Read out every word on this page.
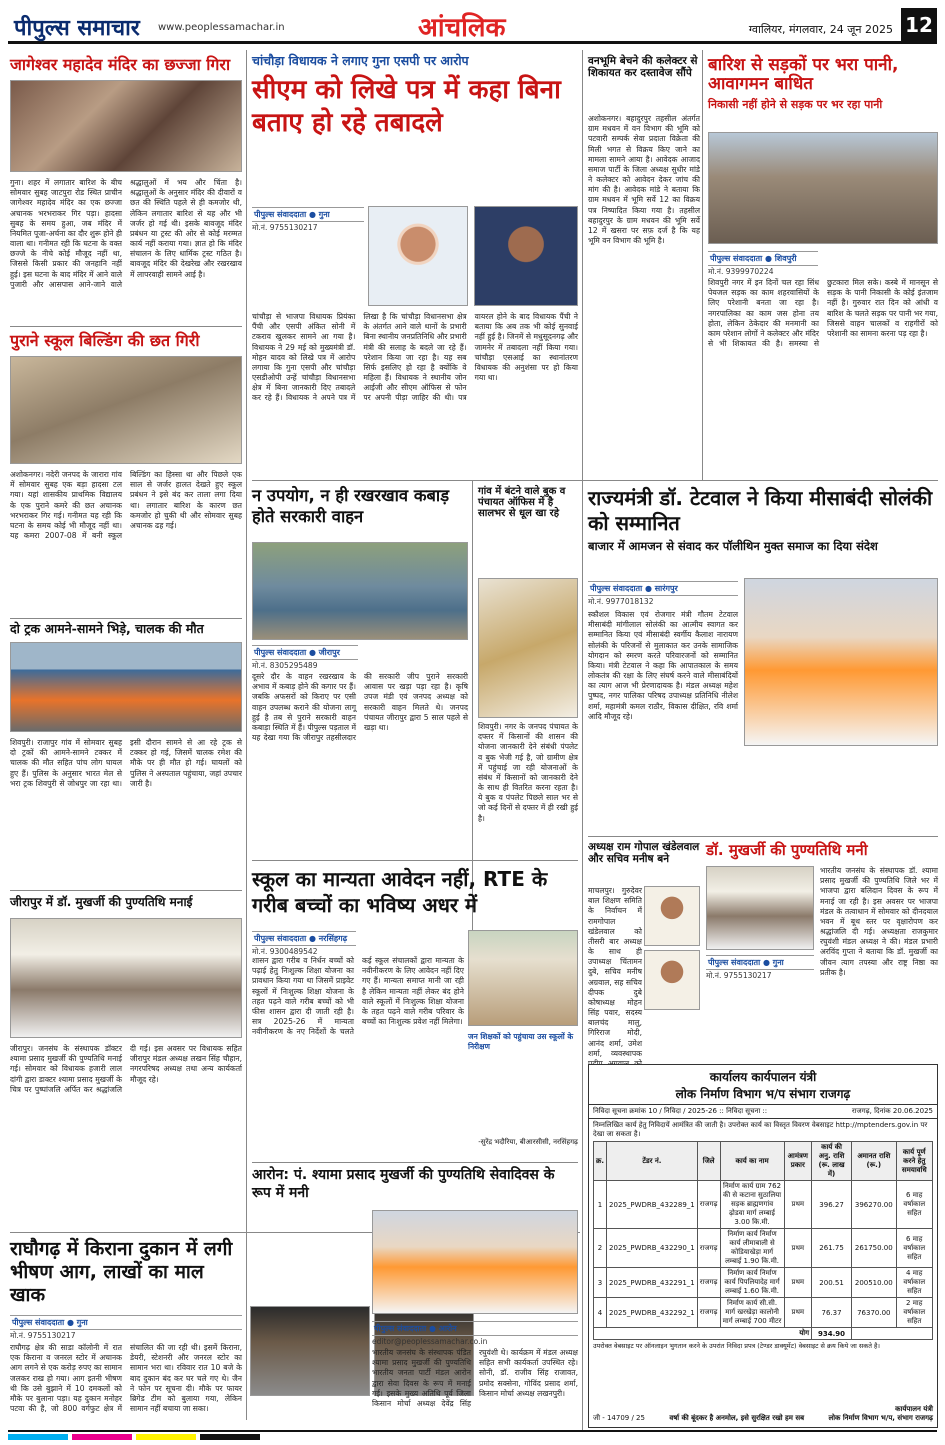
पीपुल्स समाचार www.peoplessamachar.in	आंचलिक	ग्वालियर, मंगलवार, 24 जून 2025 12
जागेश्वर महादेव मंदिर का छज्जा गिरा
गुना। शहर में लगातार बारिश के बीच सोमवार सुबह जाटपुरा रोड स्थित प्राचीन जागेश्वर महादेव मंदिर का एक छज्जा अचानक भरभराकर गिर पड़ा। हादसा सुबह के समय हुआ, जब मंदिर में नियमित पूजा-अर्चना का दौर शुरू होने ही वाला था। गनीमत रही कि घटना के वक्त छज्जे के नीचे कोई मौजूद नहीं था, जिससे किसी प्रकार की जनहानि नहीं हुई। इस घटना के बाद मंदिर में आने वाले पुजारी और आसपास आने-जाने वाले श्रद्धालुओं में भय और चिंता है। श्रद्धालुओं के अनुसार मंदिर की दीवारों व छत की स्थिति पहले से ही कमजोर थी, लेकिन लगातार बारिश से यह और भी जर्जर हो गई थी। इसके बावजूद मंदिर प्रबंधन या ट्रस्ट की ओर से कोई मरम्मत कार्य नहीं कराया गया। ज्ञात हो कि मंदिर संचालन के लिए धार्मिक ट्रस्ट गठित है। बावजूद मंदिर की देखरेख और रखरखाव में लापरवाही सामने आई है।
पुराने स्कूल बिल्डिंग की छत गिरी
अशोकनगर। नदेरी जनपद के जारारा गांव में सोमवार सुबह एक बड़ा हादसा टल गया। यहां शासकीय प्राथमिक विद्यालय के एक पुराने कमरे की छत अचानक भरभराकर गिर गई। गनीमत यह रही कि घटना के समय कोई भी मौजूद नहीं था। यह कमरा 2007-08 में बनी स्कूल बिल्डिंग का हिस्सा था और पिछले एक साल से जर्जर हालत देखते हुए स्कूल प्रबंधन ने इसे बंद कर ताला लगा दिया था। लगातार बारिश के कारण छत कमजोर हो चुकी थी और सोमवार सुबह अचानक ढह गई।
दो ट्रक आमने-सामने भिड़े, चालक की मौत
शिवपुरी। राजापुर गांव में सोमवार सुबह दो ट्रकों की आमने-सामने टक्कर में चालक की मौत सहित पांच लोग घायल हुए हैं। पुलिस के अनुसार भारत मेल से भरा ट्रक शिवपुरी से जोधपुर जा रहा था। इसी दौरान सामने से आ रहे ट्रक से टक्कर हो गई, जिसमें चालक रमेश की मौके पर ही मौत हो गई। घायलों को पुलिस ने अस्पताल पहुंचाया, जहां उपचार जारी है।
जीरापुर में डॉ. मुखर्जी की पुण्यतिथि मनाई
जीरापुर। जनसंघ के संस्थापक डॉक्टर श्यामा प्रसाद मुखर्जी की पुण्यतिथि मनाई गई। सोमवार को विधायक हजारी लाल दांगी द्वारा डाक्टर श्यामा प्रसाद मुखर्जी के चित्र पर पुष्पांजलि अर्पित कर श्रद्धांजलि दी गई। इस अवसर पर विधायक सहित जीरापुर मंडल अध्यक्ष लखन सिंह चौहान, नगरपरिषद अध्यक्ष तथा अन्य कार्यकर्ता मौजूद रहे।
राघौगढ़ में किराना दुकान में लगी भीषण आग, लाखों का माल खाक
पीपुल्स संवाददाता ● गुना
मो.नं. 9755130217
राघौगढ़ क्षेत्र की साडा कॉलोनी में रात एक किराना व जनरल स्टोर में अचानक आग लगने से एक करोड़ रुपए का सामान जलकर राख हो गया। आग इतनी भीषण थी कि उसे बुझाने में 10 दमकलों को मौके पर बुलाना पड़ा। यह दुकान मनोहर पटवा की है, जो 800 वर्गफुट क्षेत्र में संचालित की जा रही थी। इसमें किराना, डेयरी, स्टेशनरी और जनरल स्टोर का सामान भरा था। रविवार रात 10 बजे के बाद दुकान बंद कर घर चले गए थे। जैन ने फोन पर सूचना दी। मौके पर फायर ब्रिगेड टीम को बुलाया गया, लेकिन सामान नहीं बचाया जा सका।
चांचौड़ा विधायक ने लगाए गुना एसपी पर आरोप
सीएम को लिखे पत्र में कहा बिना बताए हो रहे तबादले
पीपुल्स संवाददाता ● गुना
मो.नं. 9755130217
चांचौड़ा से भाजपा विधायक प्रियंका पैंची और एसपी अंकित सोनी में टकराव खुलकर सामने आ गया है। विधायक ने 29 मई को मुख्यमंत्री डॉ. मोहन यादव को लिखे पत्र में आरोप लगाया कि गुना एसपी और चांचौड़ा एसडीओपी उन्हें चांचौड़ा विधानसभा क्षेत्र में बिना जानकारी दिए तबादले कर रहे हैं। विधायक ने अपने पत्र में लिखा है कि चांचौड़ा विधानसभा क्षेत्र के अंतर्गत आने वाले थानों के प्रभारी बिना स्थानीय जनप्रतिनिधि और प्रभारी मंत्री की सलाह के बदले जा रहे हैं। परेशान किया जा रहा है। यह सब सिर्फ इसलिए हो रहा है क्योंकि वे महिला हैं। विधायक ने स्थानीय जोन आईजी और सीएम ऑफिस से फोन पर अपनी पीड़ा जाहिर की थी। पत्र वायरल होने के बाद विधायक पैंची ने बताया कि अब तक भी कोई सुनवाई नहीं हुई है। जिनमें से मधुसूदनगढ़ और जामनेर में तबादला नहीं किया गया। चांचौड़ा एसआई का स्थानांतरण विधायक की अनुशंसा पर हो किया गया था।
वनभूमि बेचने की कलेक्टर से शिकायत कर दस्तावेज सौंपे
अशोकनगर। बहादुरपुर तहसील अंतर्गत ग्राम मधवन में वन विभाग की भूमि को पटवारी सम्पर्क सेवा प्रदाता विक्रेता की मिली भगत से विक्रय किए जाने का मामला सामने आया है। आवेदक आजाद समाज पार्टी के जिला अध्यक्ष सुधीर मांडे ने कलेक्टर को आवेदन देकर जांच की मांग की है। आवेदक मांडे ने बताया कि ग्राम मधवन में भूमि सर्वे 12 का विक्रय पत्र निष्पादित किया गया है। तहसील बहादुरपुर के ग्राम मधवन की भूमि सर्वे 12 में खसरा पर सफ़ दर्ज है कि यह भूमि वन विभाग की भूमि है।
बारिश से सड़कों पर भरा पानी, आवागमन बाधित
निकासी नहीं होने से सड़क पर भर रहा पानी
पीपुल्स संवाददाता ● शिवपुरी
मो.नं. 9399970224
शिवपुरी नगर में इन दिनों चल रहा सिंध पेयजल सड़क का काम शहरवासियों के लिए परेशानी बनता जा रहा है। नगरपालिका का काम जस होना तय होता, लेकिन ठेकेदार की मनमानी का काम परेशान लोगों ने कलेक्टर और मंदिर से भी शिकायत की है। समस्या से छुटकारा मिल सके। कस्बे में मानसून से सड़क के पानी निकासी के कोई इंतजाम नहीं है। गुरुवार रात दिन को आंधी व बारिश के चलते सड़क पर पानी भर गया, जिससे वाहन चालकों व राहगीरों को परेशानी का सामना करना पड़ रहा है।
न उपयोग, न ही रखरखाव कबाड़ होते सरकारी वाहन
पीपुल्स संवाददाता ● जीरापुर
मो.नं. 8305295489
दूसरे दौर के वाहन रखरखाव के अभाव में कबाड़ होने की कगार पर हैं। जबकि अफसरों को किराए पर एसी वाहन उपलब्ध कराने की योजना लागू हुई है तब से पुराने सरकारी वाहन कबाड़ा स्थिति में हैं। पीपुल्स पड़ताल में यह देखा गया कि जीरापुर तहसीलदार की सरकारी जीप पुराने सरकारी आवास पर खड़ा पड़ा रहा है। कृषि उपज मंडी एवं जनपद अध्यक्ष को सरकारी वाहन मिलते थे। जनपद पंचायत जीरापुर द्वारा 5 साल पहले से खड़ा था।
गांव में बंटने वाले बुक व पंचायत ऑफिस में है सालभर से धूल खा रहे
शिवपुरी। नगर के जनपद पंचायत के दफ्तर में किसानों की शासन की योजना जानकारी देने संबंधी पंपलेट व बुक भेजी गई है, जो ग्रामीण क्षेत्र में पहुंचाई जा रही योजनाओं के संबंध में किसानों को जानकारी देने के साथ ही वितरित करना रहता है। ये बुक व पंपलेट पिछले साल भर से जो कई दिनों से दफ्तर में ही रखी हुई है।
स्कूल का मान्यता आवेदन नहीं, RTE के गरीब बच्चों का भविष्य अधर में
पीपुल्स संवाददाता ● नरसिंहगढ़
मो.नं. 9300489542
शासन द्वारा गरीब व निर्धन बच्चों को पढ़ाई हेतु निःशुल्क शिक्षा योजना का प्रावधान किया गया था जिसमें प्राइवेट स्कूलों में निःशुल्क शिक्षा योजना के तहत पढ़ने वाले गरीब बच्चों को भी फीस शासन द्वारा दी जाती रही है। सत्र 2025-26 में मान्यता नवीनीकरण के नए निर्देशों के चलते कई स्कूल संचालकों द्वारा मान्यता के नवीनीकरण के लिए आवेदन नहीं दिए गए हैं। मान्यता समाप्त मानी जा रही है लेकिन मान्यता नहीं लेकर बंद होने वाले स्कूलों में निःशुल्क शिक्षा योजना के तहत पढ़ने वाले गरीब परिवार के बच्चों का निःशुल्क प्रवेश नहीं मिलेगा।
जन शिक्षकों को पहुंचाया उस स्कूलों के निरीक्षण
-सुरेंद्र भदौरिया, बीआरसीसी, नरसिंहगढ़
आरोन: पं. श्यामा प्रसाद मुखर्जी की पुण्यतिथि सेवादिवस के रूप में मनी
पीपुल्स संवाददाता ● आरोन
editor@peoplessamachar.co.in
भारतीय जनसंघ के संस्थापक पंडित श्यामा प्रसाद मुखर्जी की पुण्यतिथि भारतीय जनता पार्टी मंडल आरोन द्वारा सेवा दिवस के रूप में मनाई गई। इसके मुख्य अतिथि पूर्व जिला किसान मोर्चा अध्यक्ष देवेंद्र सिंह रघुवंशी थे। कार्यक्रम में मंडल अध्यक्ष सहित सभी कार्यकर्ता उपस्थित रहे। सोनी, डॉ. राजीव सिंह राजावत, प्रमोद सक्सेना, गोविंद प्रसाद शर्मा, किसान मोर्चा अध्यक्ष लखनपुरी।
राज्यमंत्री डॉ. टेटवाल ने किया मीसाबंदी सोलंकी को सम्मानित
बाजार में आमजन से संवाद कर पॉलीथिन मुक्त समाज का दिया संदेश
पीपुल्स संवाददाता ● सारंगपुर
मो.नं. 9977018132
स्कौशल विकास एवं रोजगार मंत्री गौतम टेटवाल मीसाबंदी मांगीलाल सोलंकी का आत्मीय स्वागत कर सम्मानित किया एवं मीसाबंदी स्वर्गीय कैलाश नारायण सोलंकी के परिजनों से मुलाकात कर उनके सामाजिक योगदान को स्मरण करते परिवारजनों को सम्मानित किया। मंत्री टेटवाल ने कहा कि आपातकाल के समय लोकतंत्र की रक्षा के लिए संघर्ष करने वाले मीसाबंदियों का त्याग आज भी प्रेरणादायक है। मंडल अध्यक्ष महेश पुष्पद, नगर पालिका परिषद उपाध्यक्ष प्रतिनिधि नीलेश शर्मा, महामंत्री कमल राठौर, विकास दीक्षित, रवि शर्मा आदि मौजूद रहे।
अध्यक्ष राम गोपाल खंडेलवाल और सचिव मनीष बने
माचलपुर। गुरुदेवर बाल शिक्षण समिति के निर्वाचन में रामगोपाल खंडेलवाल को तीसरी बार अध्यक्ष के साथ ही उपाध्यक्ष चिंतामन दुबे, सचिव मनीष अग्रवाल, सह सचिव दीपक दुबे कोषाध्यक्ष मोहन सिंह पवार, सदस्य बालचंद मालु, गिरिराज मोदी, आनंद शर्मा, उमेश शर्मा, व्यवस्थापक
डॉ. मुखर्जी की पुण्यतिथि मनी
पीपुल्स संवाददाता ● गुना
मो.नं. 9755130217
भारतीय जनसंघ के संस्थापक डॉ. श्यामा प्रसाद मुखर्जी की पुण्यतिथि जिले भर में भाजपा द्वारा बलिदान दिवस के रूप में मनाई जा रही है। इस अवसर पर भाजपा मंडल के तत्वाधान में सोमवार को दीनदयाल भवन में बूथ स्तर पर वृक्षारोपण कर श्रद्धांजलि दी गई। अध्यक्षता राजकुमार रघुवंशी मंडल अध्यक्ष ने की। मंडल प्रभारी अरविंद गुप्ता ने बताया कि डॉ. मुखर्जी का जीवन त्याग तपस्या और राष्ट्र निष्ठा का प्रतीक है।
कार्यालय कार्यपालन यंत्री
लोक निर्माण विभाग भ/प संभाग राजगढ़
निविदा सूचना क्रमांक 10 / निविदा / 2025-26 :: निविदा सूचना ::	राजगढ़, दिनांक 20.06.2025
निम्नलिखित कार्य हेतु निविदायें आमंत्रित की जाती है। उपरोक्त कार्य का विस्तृत विवरण वेबसाइट http://mptenders.gov.in पर देखा जा सकता है।
क्र.	टेंडर नं.	जिले	कार्य का नाम	आमंत्रण प्रकार	कार्य की अनु. राशि (रू. लाख में)	अमानत राशि (रू.)	कार्य पूर्ण करने हेतु समयावधि
1	2025_PWDRB_432289_1	राजगढ़	निर्माण कार्य ग्राम 762 की से कटाना सुठालिया सड़क ब्राह्मणगांव ढ़ोडवा मार्ग लम्बाई 3.00 कि.मी.	प्रथम	396.27	396270.00	6 माह वर्षाकाल सहित
2	2025_PWDRB_432290_1	राजगढ़	निर्माण कार्य निर्माण कार्य लीमाबाली से कोडियाखेड़ा मार्ग लम्बाई 1.90 कि.मी.	प्रथम	261.75	261750.00	6 माह वर्षाकाल सहित
3	2025_PWDRB_432291_1	राजगढ़	निर्माण कार्य निर्माण कार्य पिपलियादेह मार्ग लम्बाई 1.60 कि.मी.	प्रथम	200.51	200510.00	4 माह वर्षाकाल सहित
4	2025_PWDRB_432292_1	राजगढ़	निर्माण कार्य सी.सी. मार्ग खरखेड़ा कालोनी मार्ग लम्बाई 700 मीटर	प्रथम	76.37	76370.00	2 माह वर्षाकाल सहित
योग					934.90		
उपरोक्त वेबसाइट पर ऑनलाइन भुगतान करने के उपरांत निविदा प्रपत्र (टेण्डर डाक्यूमेंट) वेबसाइट से क्रय किये जा सकते है।
जी - 14709 / 25	वर्षा की बूंदकर है अनमोल, इसे सुरक्षित रखो हम सब
कार्यपालन यंत्री
लोक निर्माण विभाग भ/प, संभाग राजगढ़
